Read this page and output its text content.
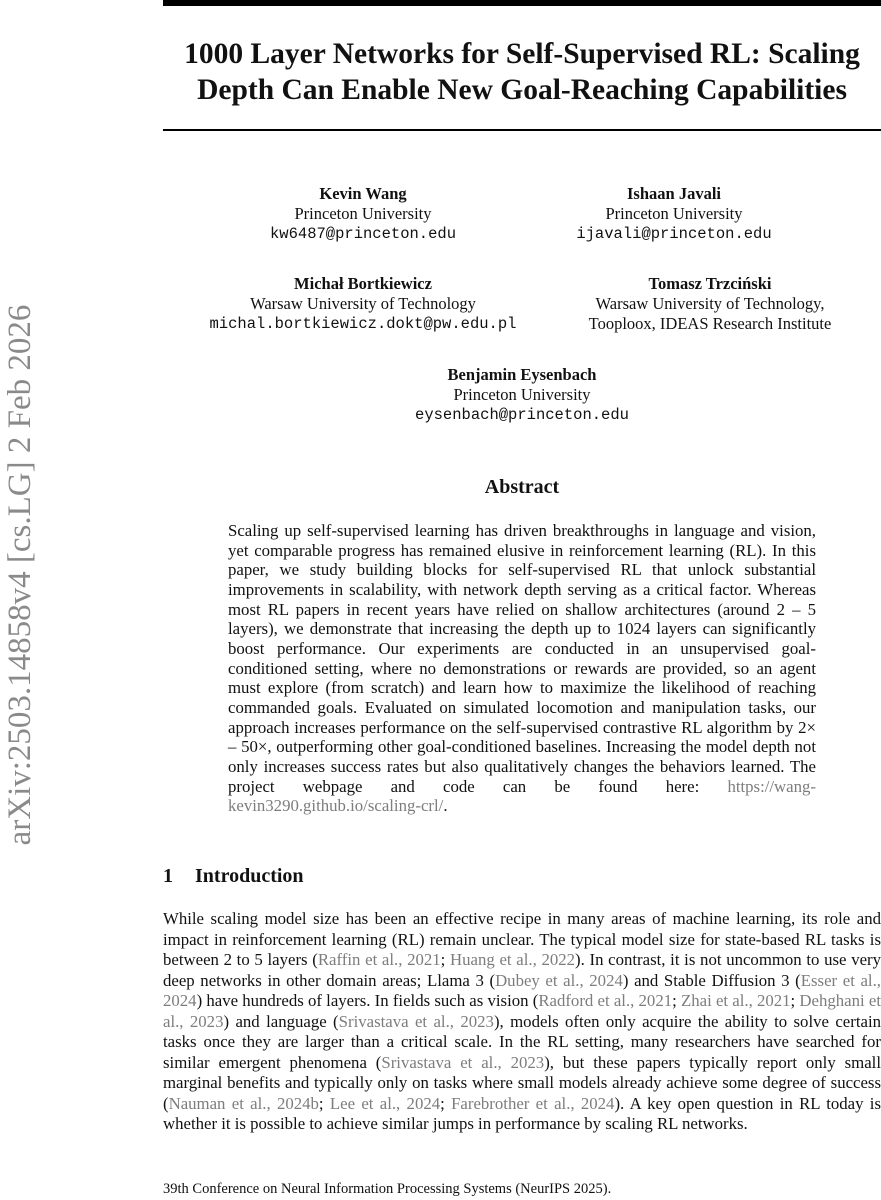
arXiv:2503.14858v4 [cs.LG] 2 Feb 2026
1000 Layer Networks for Self-Supervised RL: Scaling
Depth Can Enable New Goal-Reaching Capabilities
Kevin Wang
Princeton University
kw6487@princeton.edu
Ishaan Javali
Princeton University
ijavali@princeton.edu
Michał Bortkiewicz
Warsaw University of Technology
michal.bortkiewicz.dokt@pw.edu.pl
Tomasz Trzciński
Warsaw University of Technology,
Tooploox, IDEAS Research Institute
Benjamin Eysenbach
Princeton University
eysenbach@princeton.edu
Abstract
Scaling up self-supervised learning has driven breakthroughs in language and vision, yet comparable progress has remained elusive in reinforcement learning (RL). In this paper, we study building blocks for self-supervised RL that unlock substantial improvements in scalability, with network depth serving as a critical factor. Whereas most RL papers in recent years have relied on shallow architectures (around 2 – 5 layers), we demonstrate that increasing the depth up to 1024 layers can significantly boost performance. Our experiments are conducted in an unsupervised goal-conditioned setting, where no demonstrations or rewards are provided, so an agent must explore (from scratch) and learn how to maximize the likelihood of reaching commanded goals. Evaluated on simulated locomotion and manipulation tasks, our approach increases performance on the self-supervised contrastive RL algorithm by 2× – 50×, outperforming other goal-conditioned baselines. Increasing the model depth not only increases success rates but also qualitatively changes the behaviors learned. The project webpage and code can be found here: https://wang-kevin3290.github.io/scaling-crl/.
1 Introduction
While scaling model size has been an effective recipe in many areas of machine learning, its role and impact in reinforcement learning (RL) remain unclear. The typical model size for state-based RL tasks is between 2 to 5 layers (Raffin et al., 2021; Huang et al., 2022). In contrast, it is not uncommon to use very deep networks in other domain areas; Llama 3 (Dubey et al., 2024) and Stable Diffusion 3 (Esser et al., 2024) have hundreds of layers. In fields such as vision (Radford et al., 2021; Zhai et al., 2021; Dehghani et al., 2023) and language (Srivastava et al., 2023), models often only acquire the ability to solve certain tasks once they are larger than a critical scale. In the RL setting, many researchers have searched for similar emergent phenomena (Srivastava et al., 2023), but these papers typically report only small marginal benefits and typically only on tasks where small models already achieve some degree of success (Nauman et al., 2024b; Lee et al., 2024; Farebrother et al., 2024). A key open question in RL today is whether it is possible to achieve similar jumps in performance by scaling RL networks.
39th Conference on Neural Information Processing Systems (NeurIPS 2025).
